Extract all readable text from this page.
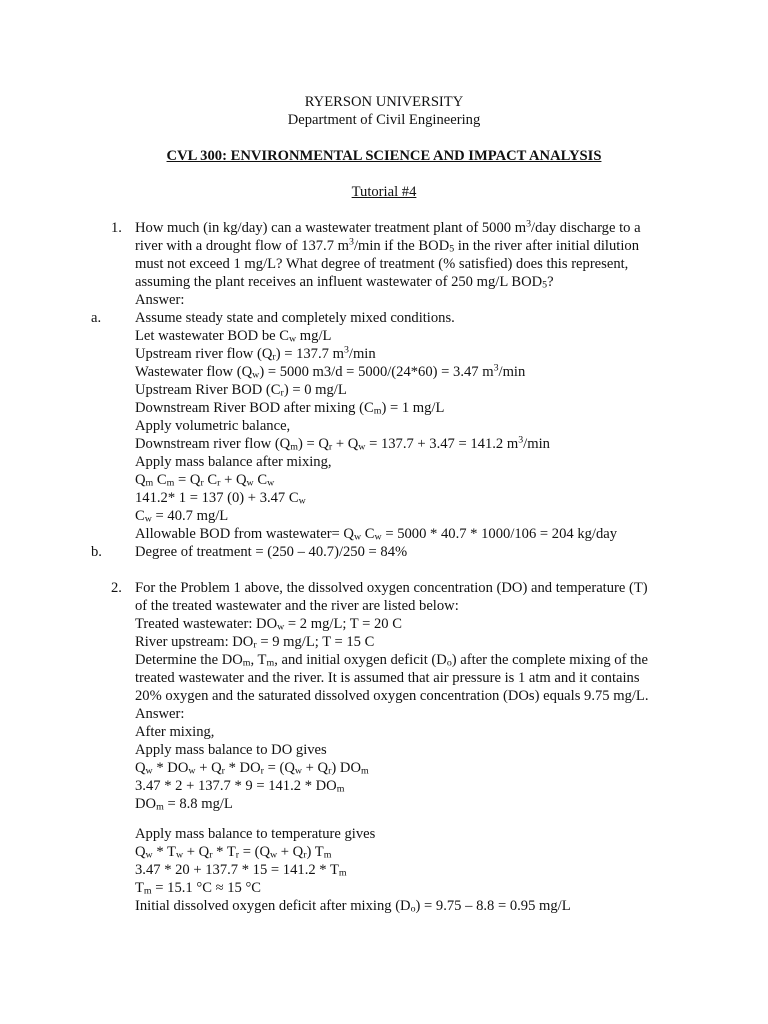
RYERSON UNIVERSITY
Department of Civil Engineering
CVL 300: ENVIRONMENTAL SCIENCE AND IMPACT ANALYSIS
Tutorial #4
1. How much (in kg/day) can a wastewater treatment plant of 5000 $m^3$/day discharge to a
river with a drought flow of 137.7 $m^3/\min$ if the $BOD_5$ in the river after initial dilution
must not exceed 1 mg/L? What degree of treatment (% satisfied) does this represent,
assuming the plant receives an influent wastewater of 250 mg/L $BOD_5$?
Answer:
a. Assume steady state and completely mixed conditions.
Let wastewater BOD be $C_w$ mg/L
Upstream river flow $(Q_r) = 137.7$ $m^3/\min$
Wastewater flow $(Q_w) = 5000$ m3/d = 5000/(24*60) = 3.47 $m^3/\min$
Upstream River BOD $(C_r) = 0$ mg/L
Downstream River BOD after mixing $(C_m) = 1$ mg/L
Apply volumetric balance,
Downstream river flow $(Q_m) = Q_r + Q_w = 137.7 + 3.47 = 141.2$ $m^3/\min$
Apply mass balance after mixing,
$Q_m$ $C_m = Q_r$ $C_r + Q_w$ $C_w$
141.2* 1 = 137 (0) + 3.47 $C_w$
$C_w = 40.7$ mg/L
Allowable BOD from wastewater= $Q_w$ $C_w = 5000 * 40.7 * 1000/106 = 204$ kg/day
b. Degree of treatment = (250 – 40.7)/250 = 84%
2. For the Problem 1 above, the dissolved oxygen concentration (DO) and temperature (T)
of the treated wastewater and the river are listed below:
Treated wastewater: $DO_w = 2$ mg/L; T = 20 C
River upstream: $DO_r = 9$ mg/L; T = 15 C
Determine the $DO_m$, $T_m$, and initial oxygen deficit $(D_o)$ after the complete mixing of the
treated wastewater and the river. It is assumed that air pressure is 1 atm and it contains
20% oxygen and the saturated dissolved oxygen concentration (DOs) equals 9.75 mg/L.
Answer:
After mixing,
Apply mass balance to DO gives
$Q_w * DO_w + Q_r * DO_r = (Q_w + Q_r)$ $DO_m$
$3.47 * 2 + 137.7 * 9 = 141.2 * DO_m$
$DO_m = 8.8$ mg/L
Apply mass balance to temperature gives
$Q_w * T_w + Q_r * T_r = (Q_w + Q_r)$ $T_m$
$3.47 * 20 + 137.7 * 15 = 141.2 * T_m$
$T_m = 15.1$ °C ≈ 15 °C
Initial dissolved oxygen deficit after mixing $(D_o) = 9.75 - 8.8 = 0.95$ mg/L
